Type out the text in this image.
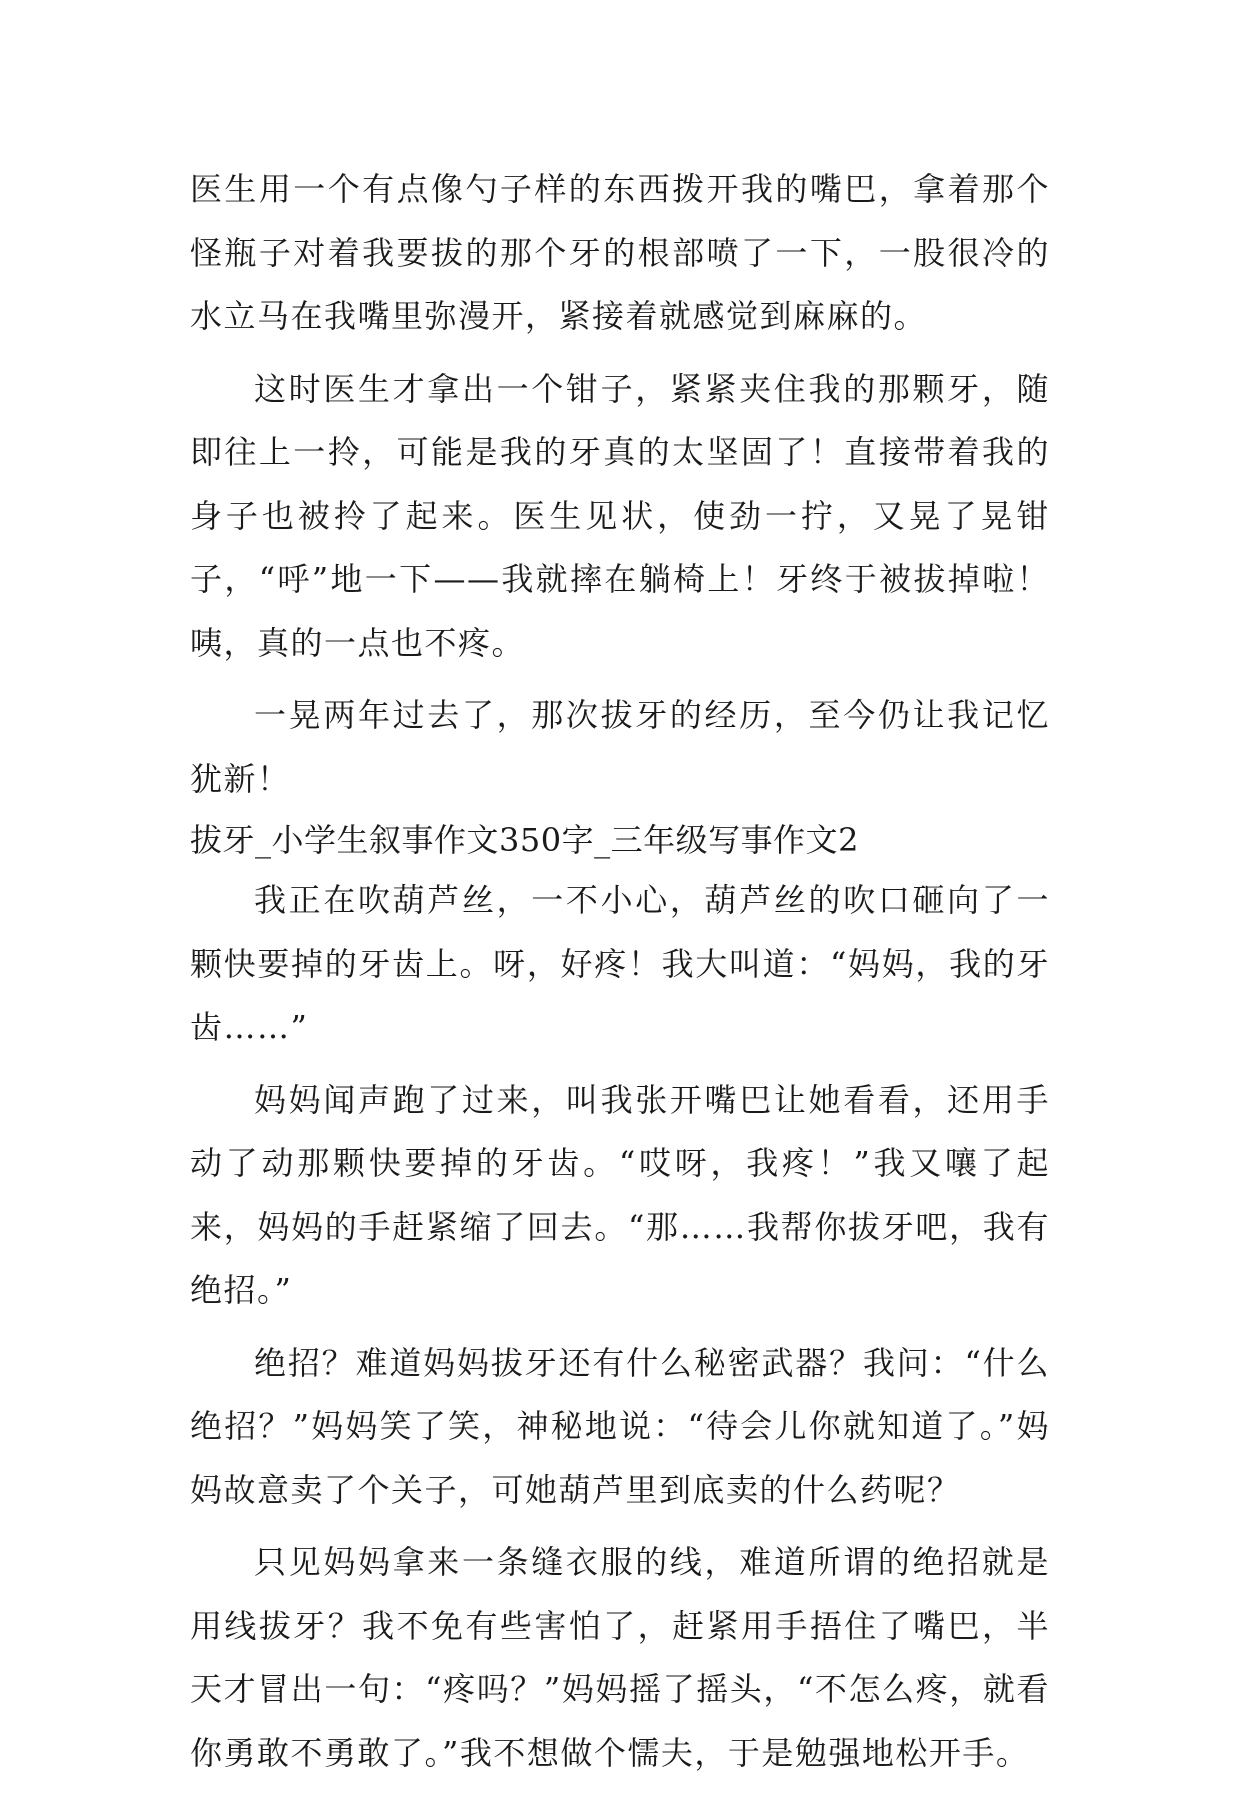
医生用一个有点像勺子样的东西拨开我的嘴巴，拿着那个怪瓶子对着我要拔的那个牙的根部喷了一下，一股很冷的水立马在我嘴里弥漫开，紧接着就感觉到麻麻的。

这时医生才拿出一个钳子，紧紧夹住我的那颗牙，随即往上一拎，可能是我的牙真的太坚固了！直接带着我的身子也被拎了起来。医生见状，使劲一拧，又晃了晃钳子，“呼”地一下——我就摔在躺椅上！牙终于被拔掉啦！咦，真的一点也不疼。

一晃两年过去了，那次拔牙的经历，至今仍让我记忆犹新！

拔牙_小学生叙事作文350字_三年级写事作文2

我正在吹葫芦丝，一不小心，葫芦丝的吹口砸向了一颗快要掉的牙齿上。呀，好疼！我大叫道：“妈妈，我的牙齿……”

妈妈闻声跑了过来，叫我张开嘴巴让她看看，还用手动了动那颗快要掉的牙齿。“哎呀，我疼！”我又嚷了起来，妈妈的手赶紧缩了回去。“那……我帮你拔牙吧，我有绝招。”

绝招？难道妈妈拔牙还有什么秘密武器？我问：“什么绝招？”妈妈笑了笑，神秘地说：“待会儿你就知道了。”妈妈故意卖了个关子，可她葫芦里到底卖的什么药呢？

只见妈妈拿来一条缝衣服的线，难道所谓的绝招就是用线拔牙？我不免有些害怕了，赶紧用手捂住了嘴巴，半天才冒出一句：“疼吗？”妈妈摇了摇头，“不怎么疼，就看你勇敢不勇敢了。”我不想做个懦夫，于是勉强地松开手。
